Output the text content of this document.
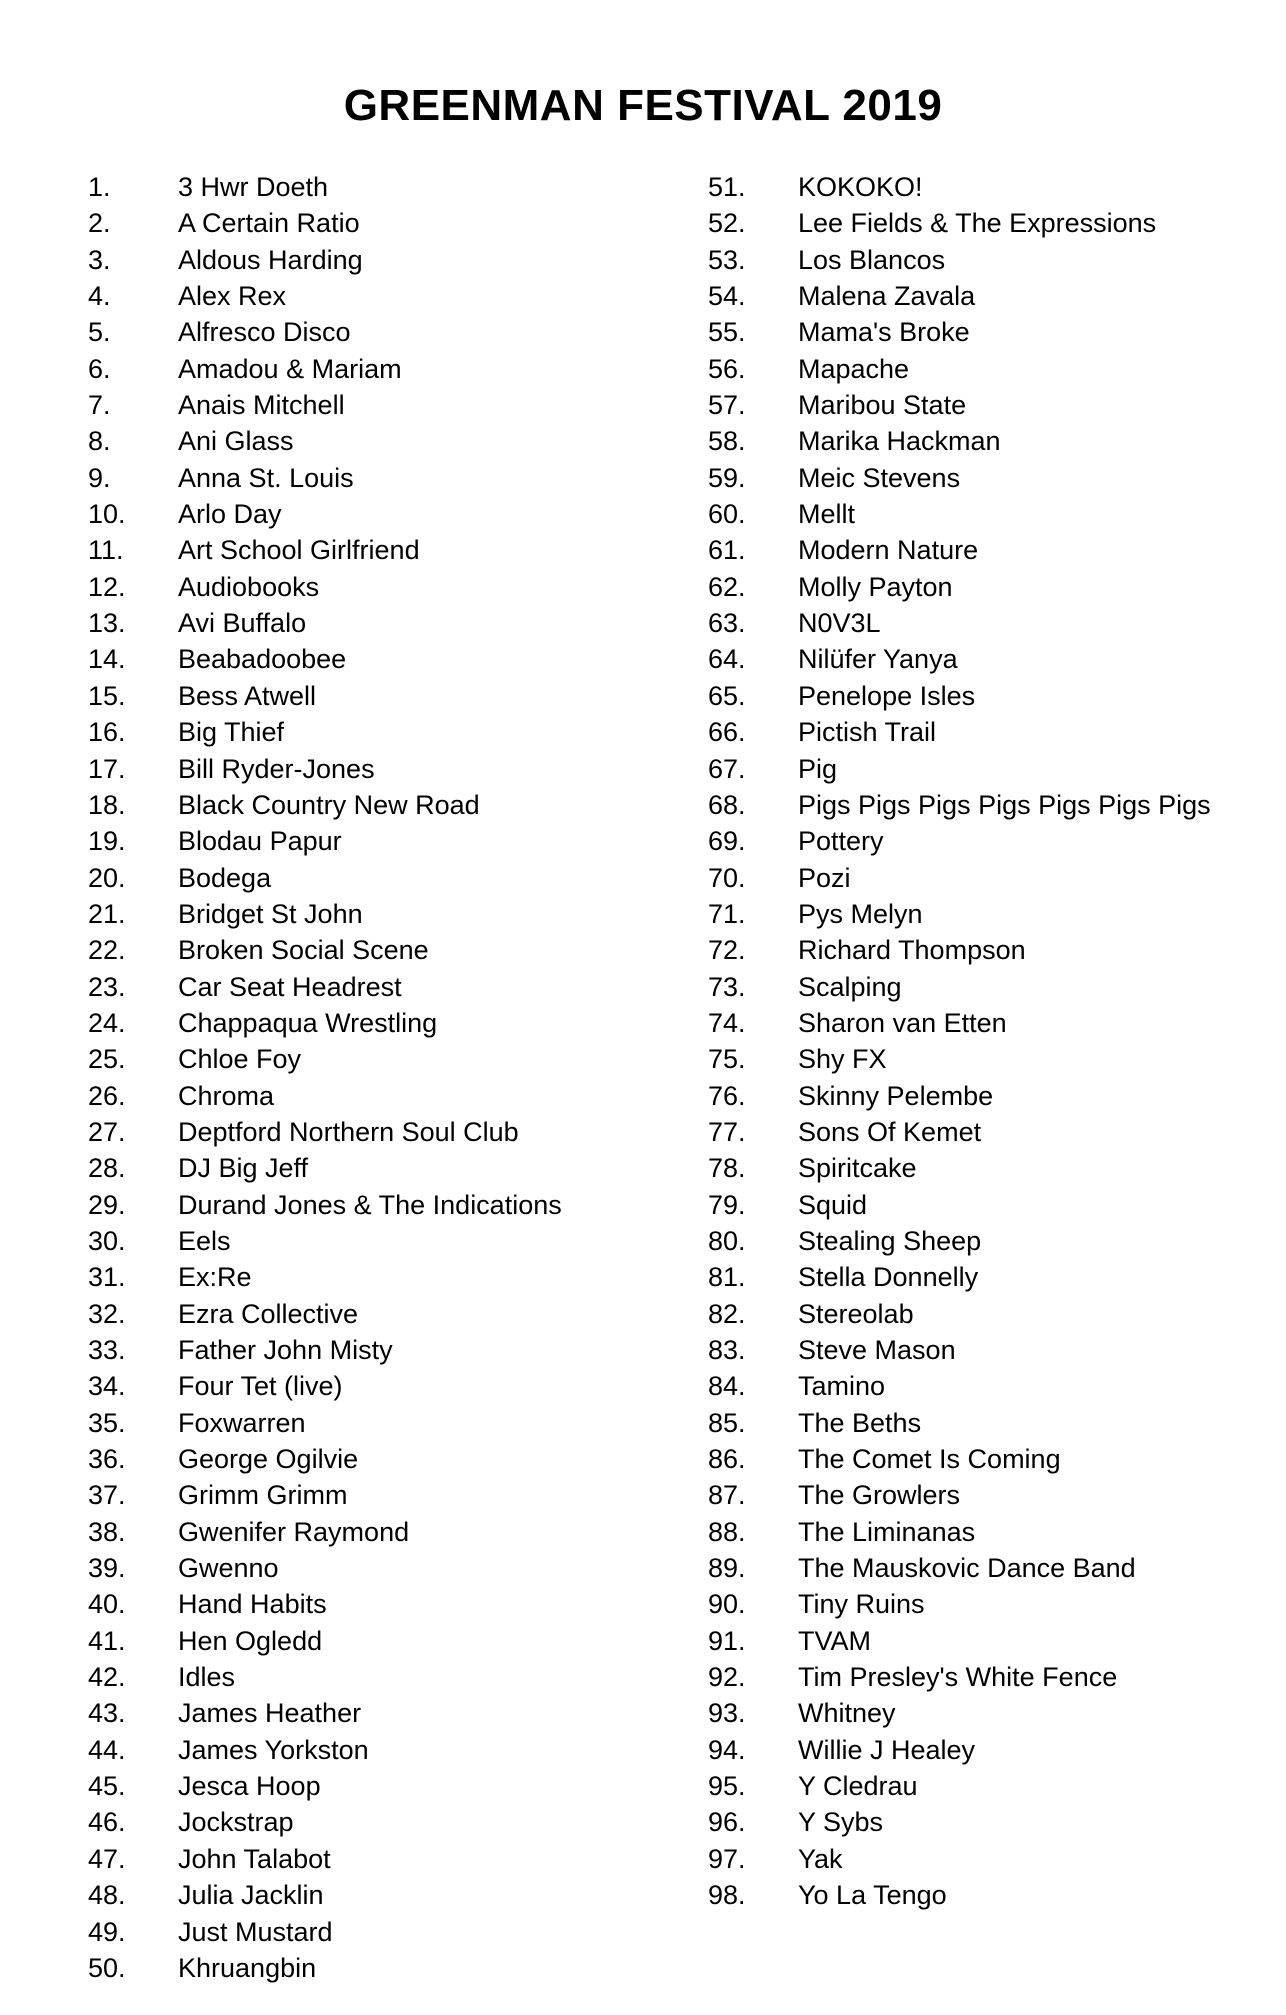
GREENMAN FESTIVAL 2019
1.	3 Hwr Doeth
2.	A Certain Ratio
3.	Aldous Harding
4.	Alex Rex
5.	Alfresco Disco
6.	Amadou & Mariam
7.	Anais Mitchell
8.	Ani Glass
9.	Anna St. Louis
10.	Arlo Day
11.	Art School Girlfriend
12.	Audiobooks
13.	Avi Buffalo
14.	Beabadoobee
15.	Bess Atwell
16.	Big Thief
17.	Bill Ryder-Jones
18.	Black Country New Road
19.	Blodau Papur
20.	Bodega
21.	Bridget St John
22.	Broken Social Scene
23.	Car Seat Headrest
24.	Chappaqua Wrestling
25.	Chloe Foy
26.	Chroma
27.	Deptford Northern Soul Club
28.	DJ Big Jeff
29.	Durand Jones & The Indications
30.	Eels
31.	Ex:Re
32.	Ezra Collective
33.	Father John Misty
34.	Four Tet (live)
35.	Foxwarren
36.	George Ogilvie
37.	Grimm Grimm
38.	Gwenifer Raymond
39.	Gwenno
40.	Hand Habits
41.	Hen Ogledd
42.	Idles
43.	James Heather
44.	James Yorkston
45.	Jesca Hoop
46.	Jockstrap
47.	John Talabot
48.	Julia Jacklin
49.	Just Mustard
50.	Khruangbin
51.	KOKOKO!
52.	Lee Fields & The Expressions
53.	Los Blancos
54.	Malena Zavala
55.	Mama's Broke
56.	Mapache
57.	Maribou State
58.	Marika Hackman
59.	Meic Stevens
60.	Mellt
61.	Modern Nature
62.	Molly Payton
63.	N0V3L
64.	Nilüfer Yanya
65.	Penelope Isles
66.	Pictish Trail
67.	Pig
68.	Pigs Pigs Pigs Pigs Pigs Pigs Pigs
69.	Pottery
70.	Pozi
71.	Pys Melyn
72.	Richard Thompson
73.	Scalping
74.	Sharon van Etten
75.	Shy FX
76.	Skinny Pelembe
77.	Sons Of Kemet
78.	Spiritcake
79.	Squid
80.	Stealing Sheep
81.	Stella Donnelly
82.	Stereolab
83.	Steve Mason
84.	Tamino
85.	The Beths
86.	The Comet Is Coming
87.	The Growlers
88.	The Liminanas
89.	The Mauskovic Dance Band
90.	Tiny Ruins
91.	TVAM
92.	Tim Presley's White Fence
93.	Whitney
94.	Willie J Healey
95.	Y Cledrau
96.	Y Sybs
97.	Yak
98.	Yo La Tengo
